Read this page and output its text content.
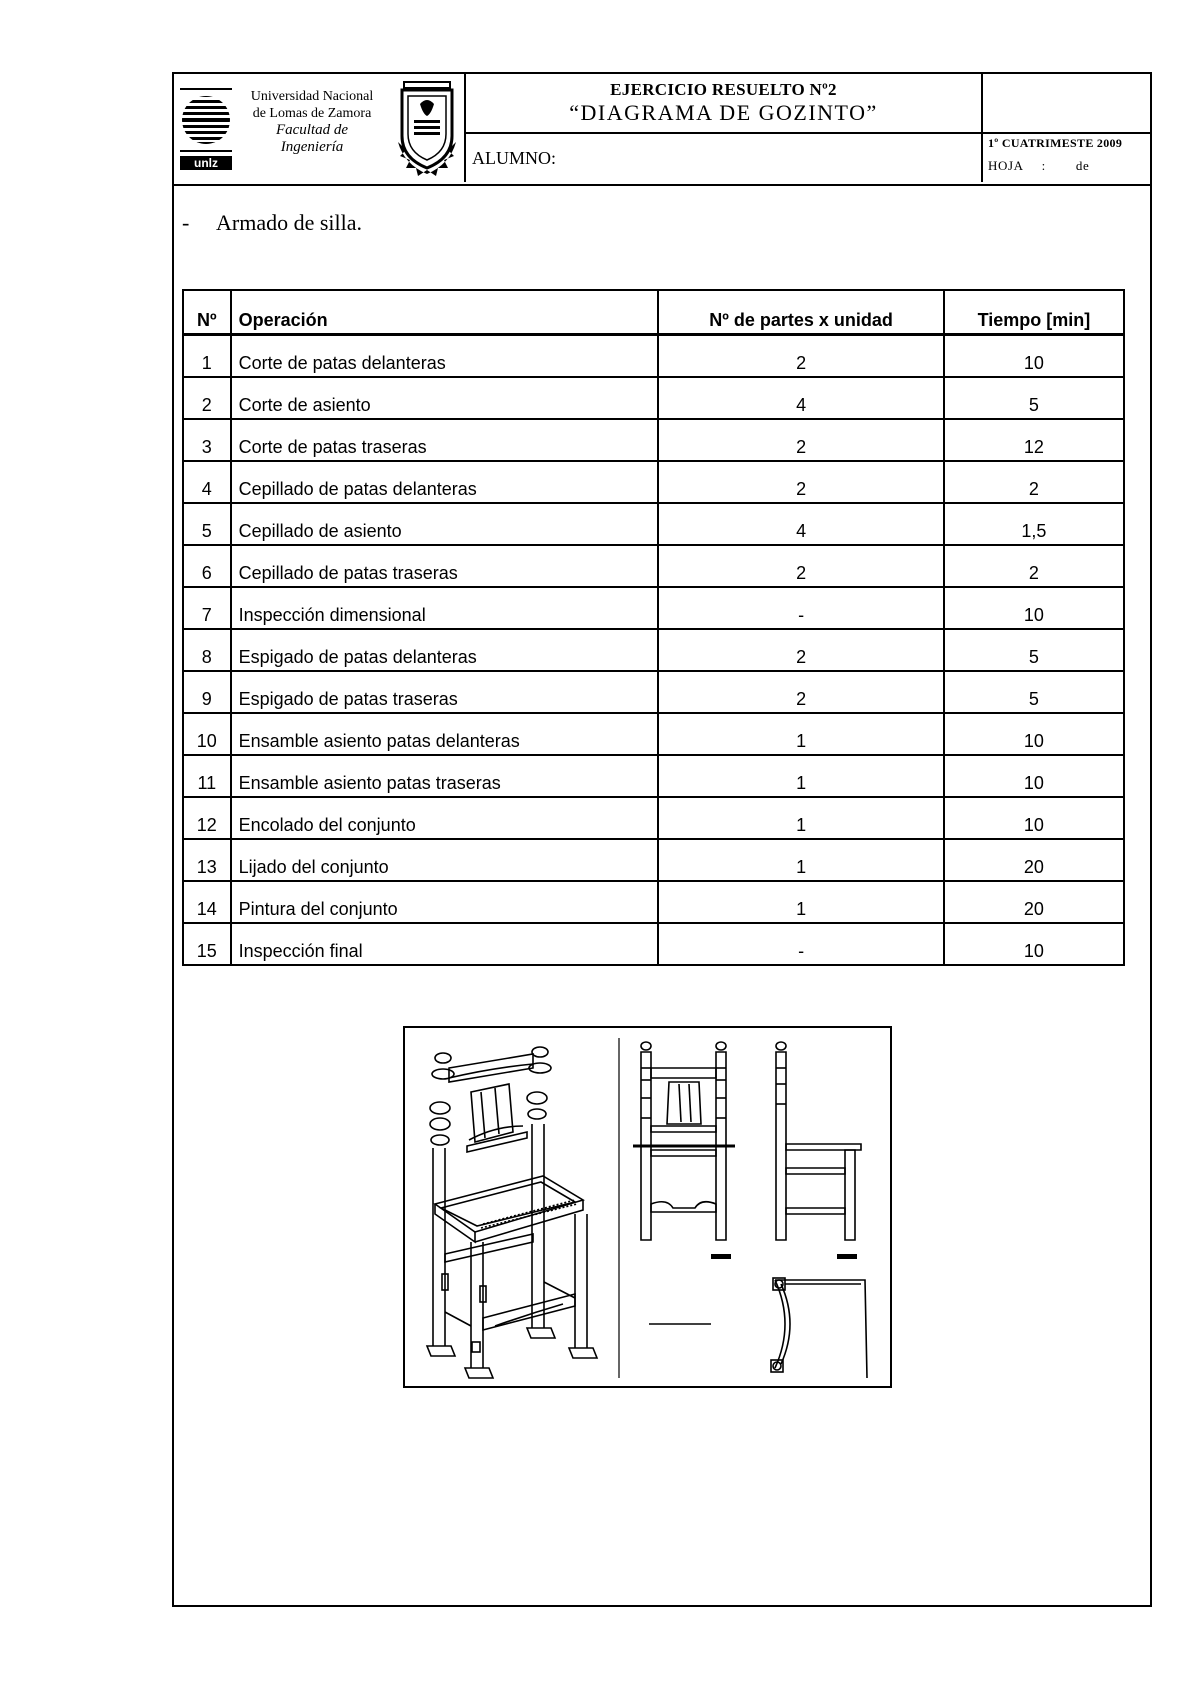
unlz
Universidad Nacional
de Lomas de Zamora
Facultad de
Ingeniería
EJERCICIO RESUELTO Nº2
“DIAGRAMA DE GOZINTO”
ALUMNO:
1º CUATRIMESTE 2009
HOJA : de
- Armado de silla.
Nº	Operación	Nº de partes x unidad	Tiempo [min]
1	Corte de patas delanteras	2	10
2	Corte de asiento	4	5
3	Corte de patas traseras	2	12
4	Cepillado de patas delanteras	2	2
5	Cepillado de asiento	4	1,5
6	Cepillado de patas traseras	2	2
7	Inspección dimensional	-	10
8	Espigado de patas delanteras	2	5
9	Espigado de patas traseras	2	5
10	Ensamble asiento patas delanteras	1	10
11	Ensamble asiento patas traseras	1	10
12	Encolado del conjunto	1	10
13	Lijado del conjunto	1	20
14	Pintura del conjunto	1	20
15	Inspección final	-	10
